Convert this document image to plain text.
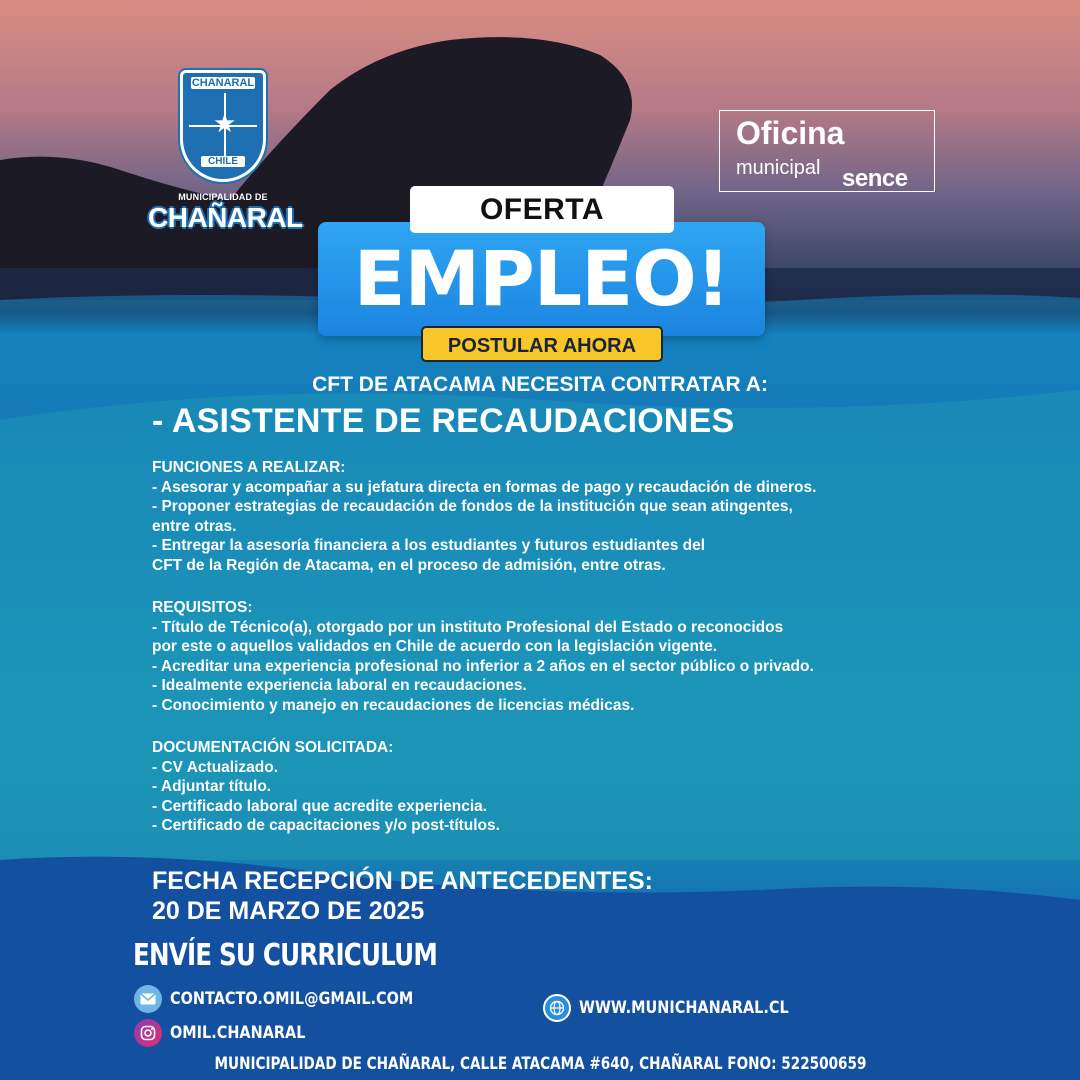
CHAÑARAL
★
CHILE
MUNICIPALIDAD DE
CHAÑARAL
Oficina
municipal sence
EMPLEO!
OFERTA
POSTULAR AHORA
CFT DE ATACAMA NECESITA CONTRATAR A:
- ASISTENTE DE RECAUDACIONES
FUNCIONES A REALIZAR:
- Asesorar y acompañar a su jefatura directa en formas de pago y recaudación de dineros.
- Proponer estrategias de recaudación de fondos de la institución que sean atingentes,
entre otras.
- Entregar la asesoría financiera a los estudiantes y futuros estudiantes del
CFT de la Región de Atacama, en el proceso de admisión, entre otras.
REQUISITOS:
- Título de Técnico(a), otorgado por un instituto Profesional del Estado o reconocidos
por este o aquellos validados en Chile de acuerdo con la legislación vigente.
- Acreditar una experiencia profesional no inferior a 2 años en el sector público o privado.
- Idealmente experiencia laboral en recaudaciones.
- Conocimiento y manejo en recaudaciones de licencias médicas.
DOCUMENTACIÓN SOLICITADA:
- CV Actualizado.
- Adjuntar título.
- Certificado laboral que acredite experiencia.
- Certificado de capacitaciones y/o post-títulos.
FECHA RECEPCIÓN DE ANTECEDENTES:
20 DE MARZO DE 2025
ENVÍE SU CURRICULUM
CONTACTO.OMIL@GMAIL.COM
OMIL.CHANARAL
WWW.MUNICHANARAL.CL
MUNICIPALIDAD DE CHAÑARAL, CALLE ATACAMA #640, CHAÑARAL FONO: 522500659
